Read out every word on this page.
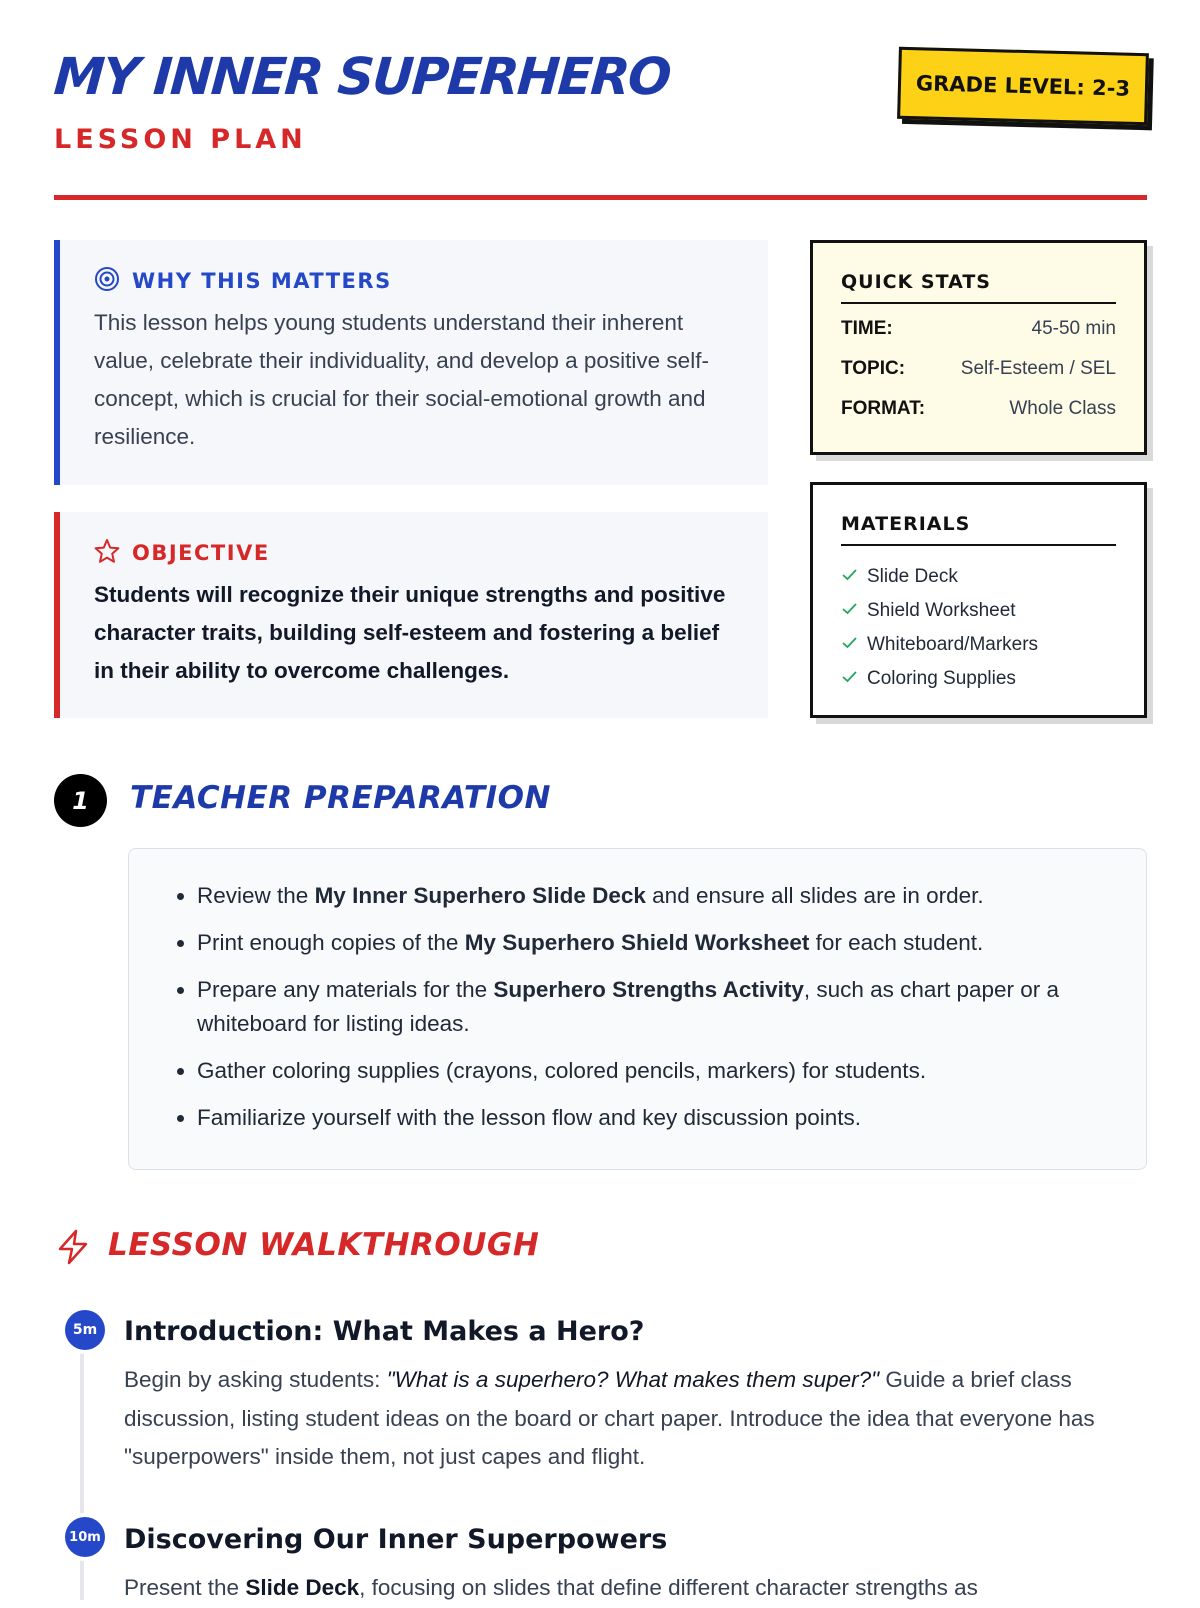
MY INNER SUPERHERO
LESSON PLAN
GRADE LEVEL: 2-3
WHY THIS MATTERS

This lesson helps young students understand their inherent value, celebrate their individuality, and develop a positive self-concept, which is crucial for their social-emotional growth and resilience.

OBJECTIVE

Students will recognize their unique strengths and positive character traits, building self-esteem and fostering a belief in their ability to overcome challenges.

QUICK STATS
TIME:	45-50 min
TOPIC:	Self-Esteem / SEL
FORMAT:	Whole Class
MATERIALS
Slide Deck
Shield Worksheet
Whiteboard/Markers
Coloring Supplies
1	TEACHER PREPARATION
• Review the My Inner Superhero Slide Deck and ensure all slides are in order.
• Print enough copies of the My Superhero Shield Worksheet for each student.
• Prepare any materials for the Superhero Strengths Activity, such as chart paper or a whiteboard for listing ideas.
• Gather coloring supplies (crayons, colored pencils, markers) for students.
• Familiarize yourself with the lesson flow and key discussion points.
LESSON WALKTHROUGH
5m Introduction: What Makes a Hero?

Begin by asking students: "What is a superhero? What makes them super?" Guide a brief class discussion, listing student ideas on the board or chart paper. Introduce the idea that everyone has "superpowers" inside them, not just capes and flight.

10m Discovering Our Inner Superpowers

Present the Slide Deck, focusing on slides that define different character strengths as
